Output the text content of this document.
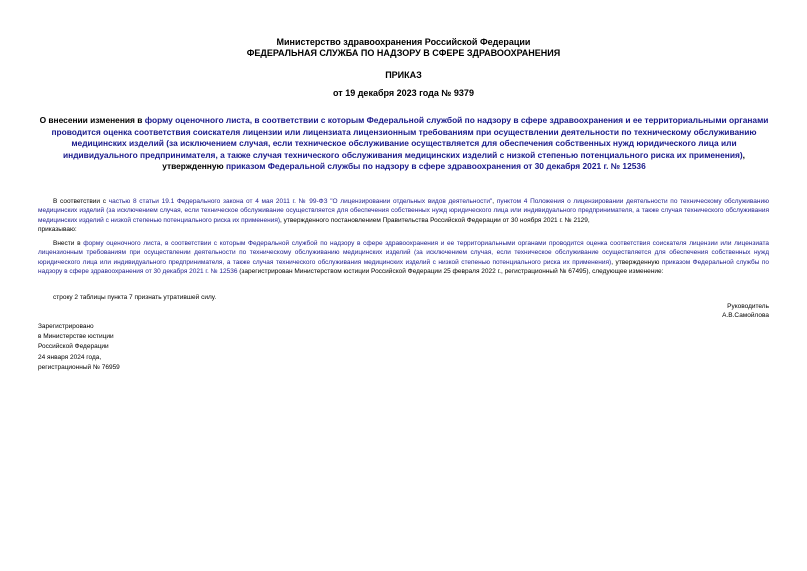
Министерство здравоохранения Российской Федерации
ФЕДЕРАЛЬНАЯ СЛУЖБА ПО НАДЗОРУ В СФЕРЕ ЗДРАВООХРАНЕНИЯ
ПРИКАЗ
от 19 декабря 2023 года № 9379
О внесении изменения в форму оценочного листа, в соответствии с которым Федеральной службой по надзору в сфере здравоохранения и ее территориальными органами проводится оценка соответствия соискателя лицензии или лицензиата лицензионным требованиям при осуществлении деятельности по техническому обслуживанию медицинских изделий (за исключением случая, если техническое обслуживание осуществляется для обеспечения собственных нужд юридического лица или индивидуального предпринимателя, а также случая технического обслуживания медицинских изделий с низкой степенью потенциального риска их применения), утвержденную приказом Федеральной службы по надзору в сфере здравоохранения от 30 декабря 2021 г. № 12536
В соответствии с частью 8 статьи 19.1 Федерального закона от 4 мая 2011 г. № 99-ФЗ "О лицензировании отдельных видов деятельности", пунктом 4 Положения о лицензировании деятельности по техническому обслуживанию медицинских изделий (за исключением случая, если техническое обслуживание осуществляется для обеспечения собственных нужд юридического лица или индивидуального предпринимателя, а также случая технического обслуживания медицинских изделий с низкой степенью потенциального риска их применения), утвержденного постановлением Правительства Российской Федерации от 30 ноября 2021 г. № 2129,
приказываю:
Внести в форму оценочного листа, в соответствии с которым Федеральной службой по надзору в сфере здравоохранения и ее территориальными органами проводится оценка соответствия соискателя лицензии или лицензиата лицензионным требованиям при осуществлении деятельности по техническому обслуживанию медицинских изделий (за исключением случая, если техническое обслуживание осуществляется для обеспечения собственных нужд юридического лица или индивидуального предпринимателя, а также случая технического обслуживания медицинских изделий с низкой степенью потенциального риска их применения), утвержденную приказом Федеральной службы по надзору в сфере здравоохранения от 30 декабря 2021 г. № 12536 (зарегистрирован Министерством юстиции Российской Федерации 25 февраля 2022 г., регистрационный № 67495), следующее изменение:
строку 2 таблицы пункта 7 признать утратившей силу.
Руководитель
А.В.Самойлова
Зарегистрировано
в Министерстве юстиции
Российской Федерации
24 января 2024 года,
регистрационный № 76959
